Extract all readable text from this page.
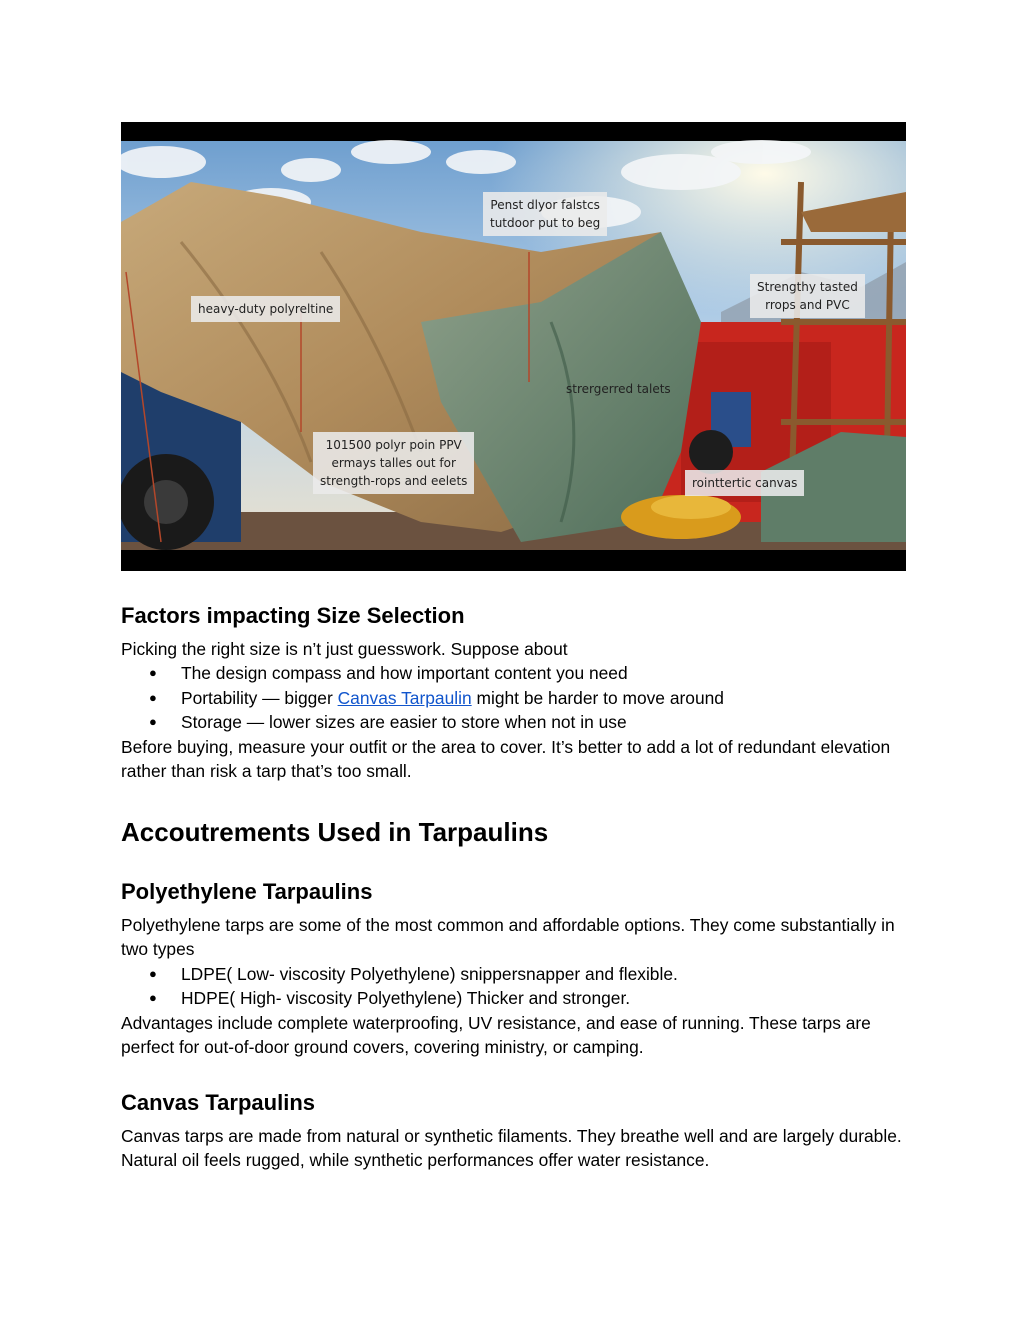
Penst dlyor falstcs
tutdoor put to beg
heavy-duty polyreltine
Strengthy tasted
rrops and PVC
strergerred talets
101500 polyr poin PPV
ermays talles out for
strength-rops and eelets	rointtertic canvas
Factors impacting Size Selection

Picking the right size is n’t just guesswork. Suppose about

● The design compass and how important content you need
● Portability — bigger Canvas Tarpaulin might be harder to move around
● Storage — lower sizes are easier to store when not in use

Before buying, measure your outfit or the area to cover. It’s better to add a lot of redundant elevation rather than risk a tarp that’s too small.

Accoutrements Used in Tarpaulins
Polyethylene Tarpaulins

Polyethylene tarps are some of the most common and affordable options. They come substantially in two types

● LDPE( Low- viscosity Polyethylene) snippersnapper and flexible.
● HDPE( High- viscosity Polyethylene) Thicker and stronger.

Advantages include complete waterproofing, UV resistance, and ease of running. These tarps are perfect for out-of-door ground covers, covering ministry, or camping.

Canvas Tarpaulins

Canvas tarps are made from natural or synthetic filaments. They breathe well and are largely durable. Natural oil feels rugged, while synthetic performances offer water resistance.
